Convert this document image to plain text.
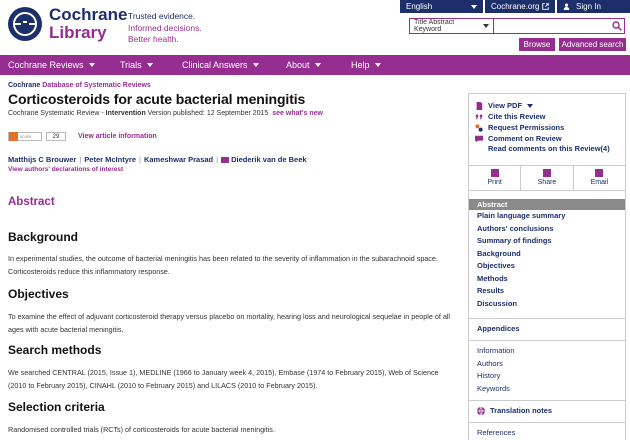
Cochrane
Library
Trusted evidence.
Informed decisions.
Better health.
English	Cochrane.org	Sign In
Title Abstract Keyword
Browse	Advanced search
Cochrane Reviews	Trials	Clinical Answers	About	Help
Cochrane Database of Systematic Reviews
Corticosteroids for acute bacterial meningitis
Cochrane Systematic Review - Intervention Version published: 12 September 2015 see what's new
score	29	View article information
Matthijs C Brouwer | Peter McIntyre | Kameshwar Prasad | Diederik van de Beek
View authors' declarations of interest
Abstract
Background

In experimental studies, the outcome of bacterial meningitis has been related to the severity of inflammation in the subarachnoid space. Corticosteroids reduce this inflammatory response.

Objectives

To examine the effect of adjuvant corticosteroid therapy versus placebo on mortality, hearing loss and neurological sequelae in people of all ages with acute bacterial meningitis.

Search methods

We searched CENTRAL (2015, Issue 1), MEDLINE (1966 to January week 4, 2015), Embase (1974 to February 2015), Web of Science (2010 to February 2015), CINAHL (2010 to February 2015) and LILACS (2010 to February 2015).

Selection criteria

Randomised controlled trials (RCTs) of corticosteroids for acute bacterial meningitis.

View PDF
Cite this Review
Request Permissions
Comment on Review
Read comments on this Review(4)
Print	Share	Email
Abstract
Plain language summary
Authors' conclusions
Summary of findings
Background
Objectives
Methods
Results
Discussion
Appendices
Information
Authors
History
Keywords
Translation notes
References
